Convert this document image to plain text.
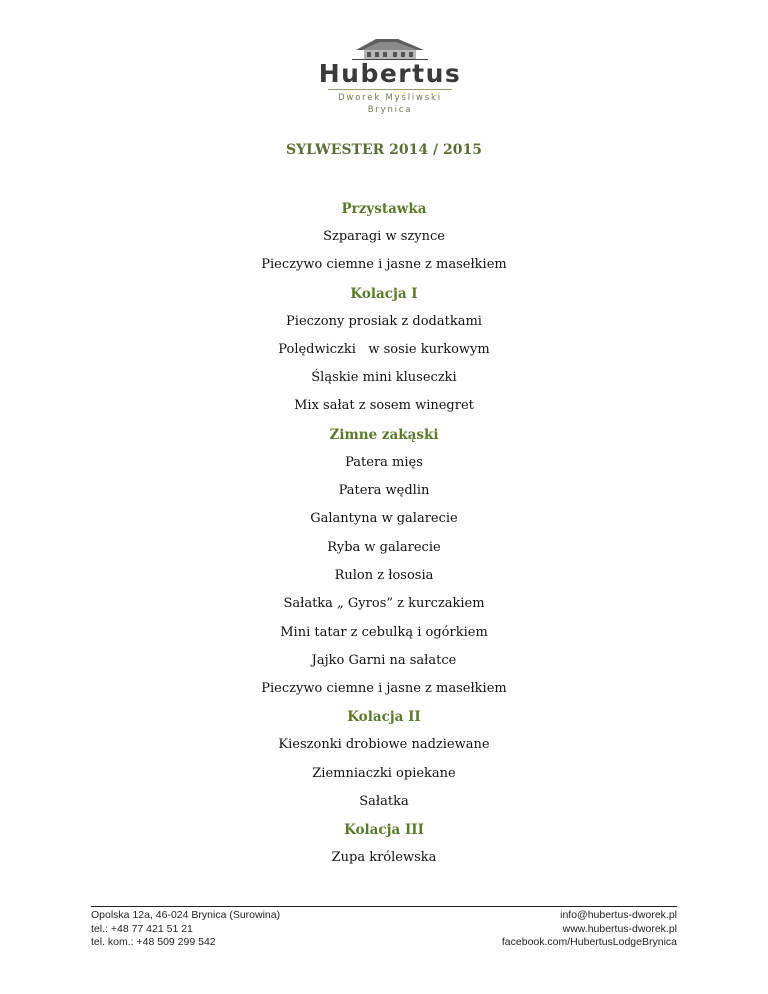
Hubertus
Dworek Myśliwski
Brynica
SYLWESTER 2014 / 2015
Przystawka
Szparagi w szynce
Pieczywo ciemne i jasne z masełkiem
Kolacja I
Pieczony prosiak z dodatkami
Polędwiczki   w sosie kurkowym
Śląskie mini kluseczki
Mix sałat z sosem winegret
Zimne zakąski
Patera mięs
Patera wędlin
Galantyna w galarecie
Ryba w galarecie
Rulon z łososia
Sałatka „ Gyros” z kurczakiem
Mini tatar z cebulką i ogórkiem
Jajko Garni na sałatce
Pieczywo ciemne i jasne z masełkiem
Kolacja II
Kieszonki drobiowe nadziewane
Ziemniaczki opiekane
Sałatka
Kolacja III
Zupa królewska
Opolska 12a, 46-024 Brynica (Surowina)
tel.: +48 77 421 51 21
tel. kom.: +48 509 299 542
info@hubertus-dworek.pl
www.hubertus-dworek.pl
facebook.com/HubertusLodgeBrynica
